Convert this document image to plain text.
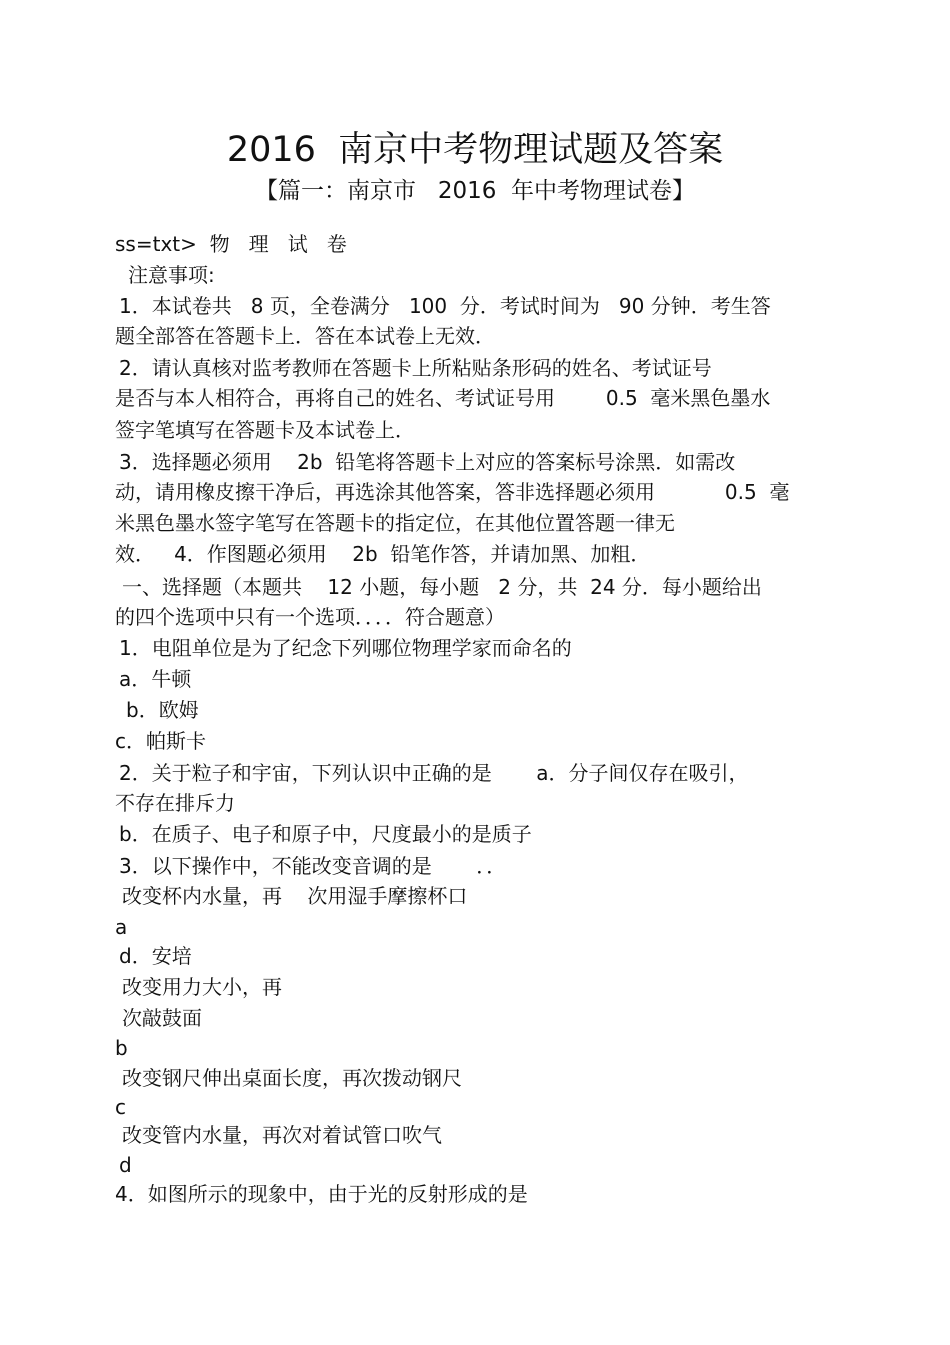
2016  南京中考物理试题及答案
【篇一：南京市   2016  年中考物理试卷】
ss=txt>  物   理   试   卷
注意事项:
1．本试卷共   8 页，全卷满分   100  分．考试时间为   90 分钟．考生答
题全部答在答题卡上．答在本试卷上无效．
2．请认真核对监考教师在答题卡上所粘贴条形码的姓名、考试证号
是否与本人相符合，再将自己的姓名、考试证号用        0.5  毫米黑色墨水
签字笔填写在答题卡及本试卷上．
3．选择题必须用    2b  铅笔将答题卡上对应的答案标号涂黑．如需改
动，请用橡皮擦干净后，再选涂其他答案，答非选择题必须用           0.5  毫
米黑色墨水签字笔写在答题卡的指定位，在其他位置答题一律无
效．   4．作图题必须用    2b  铅笔作答，并请加黑、加粗．
一、选择题（本题共    12 小题，每小题   2 分，共  24 分．每小题给出
的四个选项中只有一个选项．．．．符合题意）
1．电阻单位是为了纪念下列哪位物理学家而命名的
a．牛顿
b．欧姆
c．帕斯卡
2．关于粒子和宇宙，下列认识中正确的是       a．分子间仅存在吸引，
不存在排斥力
b．在质子、电子和原子中，尺度最小的是质子
3．以下操作中，不能改变音调的是       ．．
改变杯内水量，再    次用湿手摩擦杯口
a
d．安培
改变用力大小，再
次敲鼓面
b
改变钢尺伸出桌面长度，再次拨动钢尺
c
改变管内水量，再次对着试管口吹气
d
4．如图所示的现象中，由于光的反射形成的是
